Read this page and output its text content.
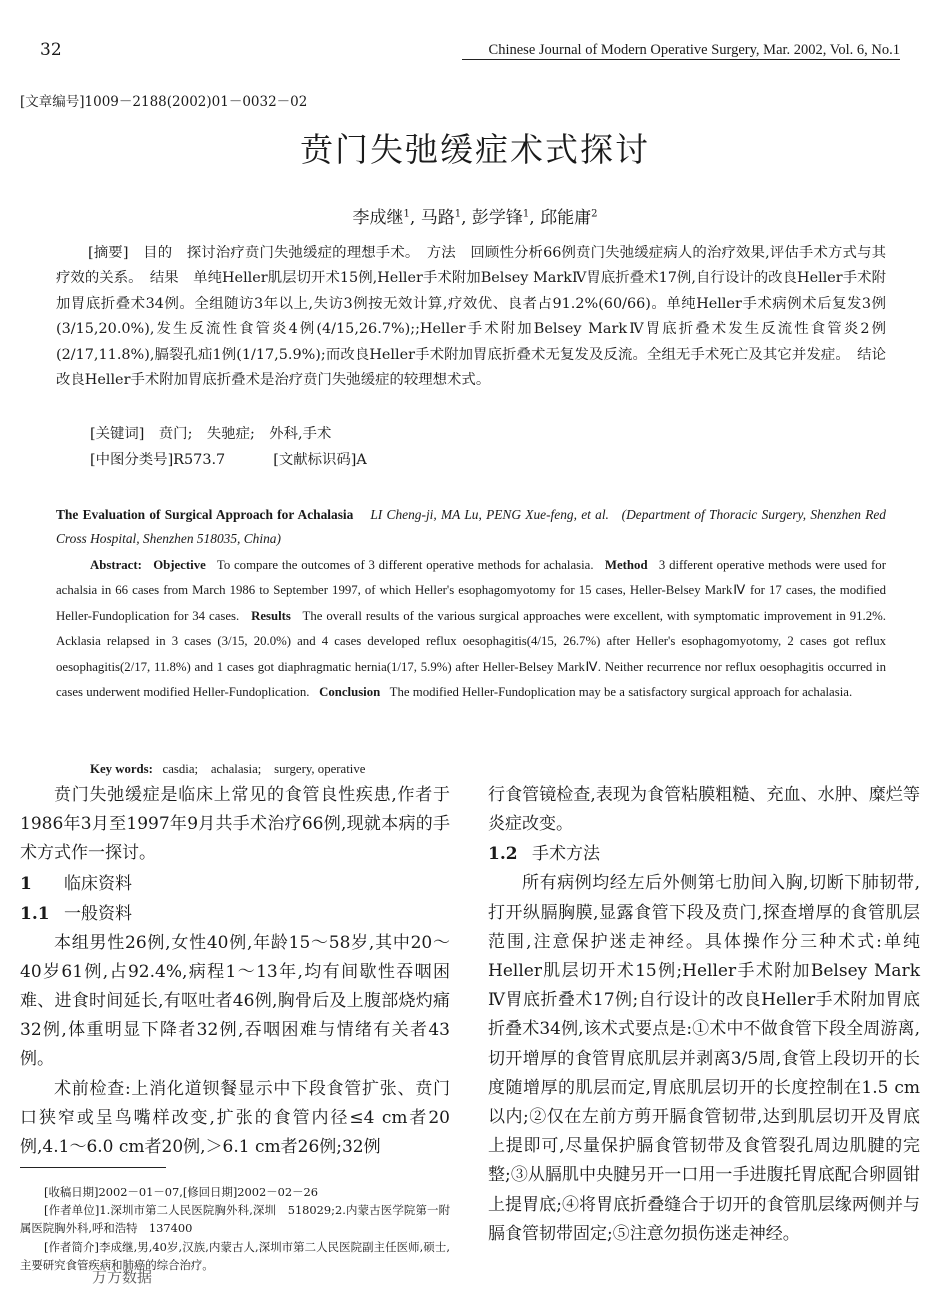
32	Chinese Journal of Modern Operative Surgery, Mar. 2002, Vol. 6, No.1
[文章编号]1009－2188(2002)01－0032－02
贲门失弛缓症术式探讨
李成继$^1$, 马路$^1$, 彭学锋$^1$, 邱能庸$^2$

[摘要]　目的　探讨治疗贲门失弛缓症的理想手术。　方法　回顾性分析66例贲门失弛缓症病人的治疗效果,评估手术方式与其疗效的关系。　结果　单纯Heller肌层切开术15例,Heller手术附加Belsey MarkⅣ胃底折叠术17例,自行设计的改良Heller手术附加胃底折叠术34例。全组随访3年以上,失访3例按无效计算,疗效优、良者占91.2%(60/66)。单纯Heller手术病例术后复发3例(3/15,20.0%),发生反流性食管炎4例(4/15,26.7%);;Heller手术附加Belsey MarkⅣ胃底折叠术发生反流性食管炎2例(2/17,11.8%),膈裂孔疝1例(1/17,5.9%);而改良Heller手术附加胃底折叠术无复发及反流。全组无手术死亡及其它并发症。　结论　改良Heller手术附加胃底折叠术是治疗贲门失弛缓症的较理想术式。

[关键词]　贲门;　失驰症;　外科,手术
[中图分类号]R573.7	[文献标识码]A
The Evaluation of Surgical Approach for Achalasia LI Cheng-ji, MA Lu, PENG Xue-feng, et al. (Department of Thoracic Surgery, Shenzhen Red Cross Hospital, Shenzhen 518035, China)
Abstract: Objective To compare the outcomes of 3 different operative methods for achalasia. Method 3 different operative methods were used for achalsia in 66 cases from March 1986 to September 1997, of which Heller's esophagomyotomy for 15 cases, Heller-Belsey MarkⅣ for 17 cases, the modified Heller-Fundoplication for 34 cases. Results The overall results of the various surgical approaches were excellent, with symptomatic improvement in 91.2%. Acklasia relapsed in 3 cases (3/15, 20.0%) and 4 cases developed reflux oesophagitis(4/15, 26.7%) after Heller's esophagomyotomy, 2 cases got reflux oesophagitis(2/17, 11.8%) and 1 cases got diaphragmatic hernia(1/17, 5.9%) after Heller-Belsey MarkⅣ. Neither recurrence nor reflux oesophagitis occurred in cases underwent modified Heller-Fundoplication. Conclusion The modified Heller-Fundoplication may be a satisfactory surgical approach for achalasia.
Key words: casdia;　achalasia;　surgery, operative

贲门失弛缓症是临床上常见的食管良性疾患,作者于1986年3月至1997年9月共手术治疗66例,现就本病的手术方式作一探讨。

1 临床资料
1.1 一般资料

本组男性26例,女性40例,年龄15～58岁,其中20～40岁61例,占92.4%,病程1～13年,均有间歇性吞咽困难、进食时间延长,有呕吐者46例,胸骨后及上腹部烧灼痛32例,体重明显下降者32例,吞咽困难与情绪有关者43例。

术前检查:上消化道钡餐显示中下段食管扩张、贲门口狭窄或呈鸟嘴样改变,扩张的食管内径≤4 cm者20例,4.1～6.0 cm者20例,＞6.1 cm者26例;32例

[收稿日期]2002－01－07,[修回日期]2002－02－26

[作者单位]1.深圳市第二人民医院胸外科,深圳　518029;2.内蒙古医学院第一附属医院胸外科,呼和浩特　137400

[作者简介]李成继,男,40岁,汉族,内蒙古人,深圳市第二人民医院副主任医师,硕士,主要研究食管疾病和肺癌的综合治疗。

万方数据

行食管镜检查,表现为食管粘膜粗糙、充血、水肿、糜烂等炎症改变。

1.2 手术方法

所有病例均经左后外侧第七肋间入胸,切断下肺韧带,打开纵膈胸膜,显露食管下段及贲门,探查增厚的食管肌层范围,注意保护迷走神经。具体操作分三种术式:单纯Heller肌层切开术15例;Heller手术附加Belsey Mark Ⅳ胃底折叠术17例;自行设计的改良Heller手术附加胃底折叠术34例,该术式要点是:①术中不做食管下段全周游离,切开增厚的食管胃底肌层并剥离3/5周,食管上段切开的长度随增厚的肌层而定,胃底肌层切开的长度控制在1.5 cm以内;②仅在左前方剪开膈食管韧带,达到肌层切开及胃底上提即可,尽量保护膈食管韧带及食管裂孔周边肌腱的完整;③从膈肌中央腱另开一口用一手进腹托胃底配合卵圆钳上提胃底;④将胃底折叠缝合于切开的食管肌层缘两侧并与膈食管韧带固定;⑤注意勿损伤迷走神经。
